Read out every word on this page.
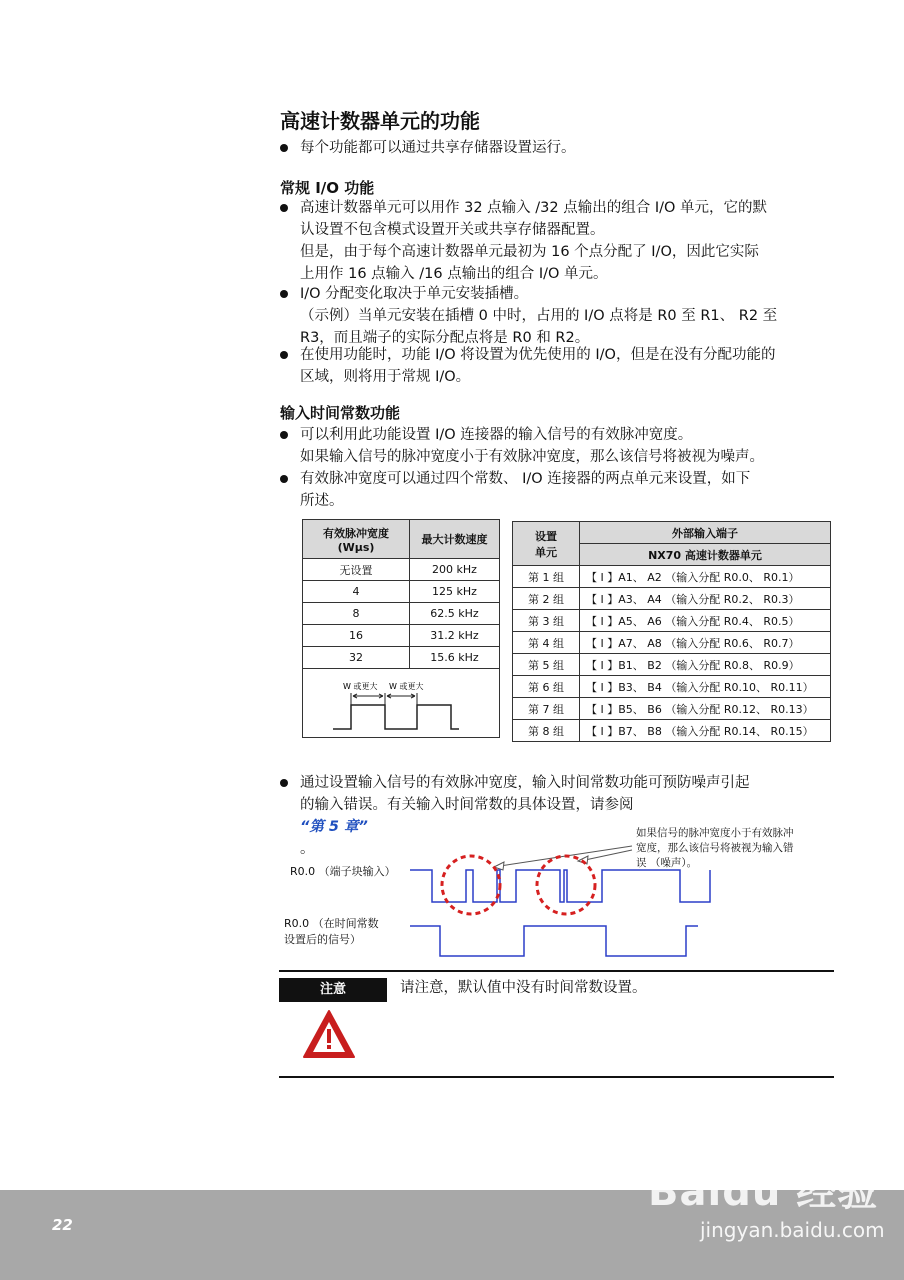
高速计数器单元的功能
每个功能都可以通过共享存储器设置运行。
常规 I/O 功能
高速计数器单元可以用作 32 点输入 /32 点输出的组合 I/O 单元，它的默
认设置不包含模式设置开关或共享存储器配置。
但是，由于每个高速计数器单元最初为 16 个点分配了 I/O，因此它实际
上用作 16 点输入 /16 点输出的组合 I/O 单元。
I/O 分配变化取决于单元安装插槽。
（示例）当单元安装在插槽 0 中时，占用的 I/O 点将是 R0 至 R1、 R2 至
R3，而且端子的实际分配点将是 R0 和 R2。
在使用功能时，功能 I/O 将设置为优先使用的 I/O，但是在没有分配功能的
区域，则将用于常规 I/O。
输入时间常数功能
可以利用此功能设置 I/O 连接器的输入信号的有效脉冲宽度。
如果输入信号的脉冲宽度小于有效脉冲宽度，那么该信号将被视为噪声。
有效脉冲宽度可以通过四个常数、 I/O 连接器的两点单元来设置，如下
所述。
有效脉冲宽度
(Wμs)	最大计数速度
无设置	200 kHz
4	125 kHz
8	62.5 kHz
16	31.2 kHz
32	15.6 kHz

W 或更大 W 或更大	
设置
单元	外部输入端子
	NX70 高速计数器单元
第 1 组	【 I 】A1、 A2 （输入分配 R0.0、 R0.1）
第 2 组	【 I 】A3、 A4 （输入分配 R0.2、 R0.3）
第 3 组	【 I 】A5、 A6 （输入分配 R0.4、 R0.5）
第 4 组	【 I 】A7、 A8 （输入分配 R0.6、 R0.7）
第 5 组	【 I 】B1、 B2 （输入分配 R0.8、 R0.9）
第 6 组	【 I 】B3、 B4 （输入分配 R0.10、 R0.11）
第 7 组	【 I 】B5、 B6 （输入分配 R0.12、 R0.13）
第 8 组	【 I 】B7、 B8 （输入分配 R0.14、 R0.15）
通过设置输入信号的有效脉冲宽度，输入时间常数功能可预防噪声引起
的输入错误。有关输入时间常数的具体设置，请参阅
“第 5 章”
。
R0.0 （端子块输入）
R0.0 （在时间常数
设置后的信号）
如果信号的脉冲宽度小于有效脉冲
宽度，那么该信号将被视为输入错
误 （噪声）。
注意	请注意，默认值中没有时间常数设置。
22
Baidu 经验
jingyan.baidu.com
